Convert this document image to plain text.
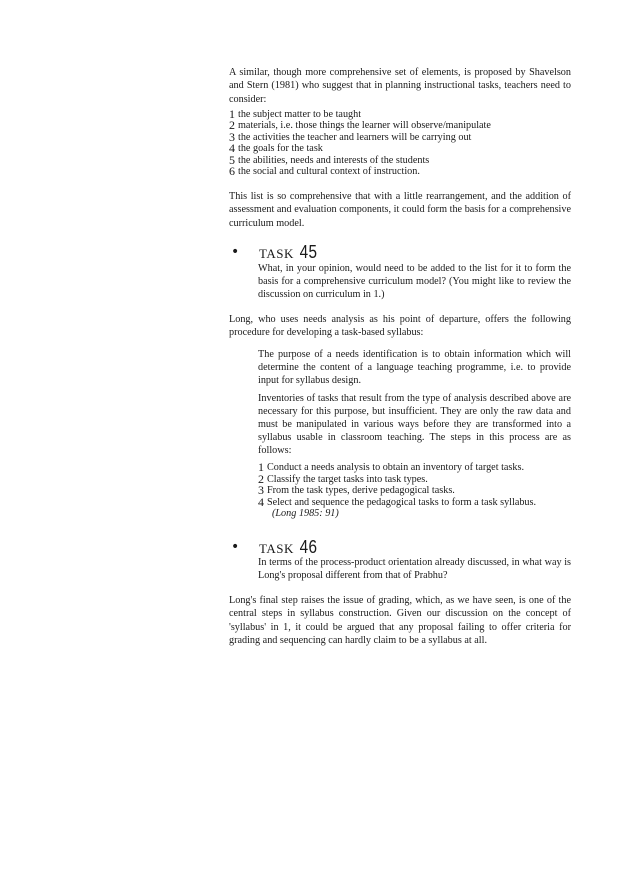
A similar, though more comprehensive set of elements, is proposed by Shavelson and Stern (1981) who suggest that in planning instructional tasks, teachers need to consider:
1 the subject matter to be taught
2 materials, i.e. those things the learner will observe/manipulate
3 the activities the teacher and learners will be carrying out
4 the goals for the task
5 the abilities, needs and interests of the students
6 the social and cultural context of instruction.
This list is so comprehensive that with a little rearrangement, and the addition of assessment and evaluation components, it could form the basis for a comprehensive curriculum model.
• TASK 45
What, in your opinion, would need to be added to the list for it to form the basis for a comprehensive curriculum model? (You might like to review the discussion on curriculum in 1.)
Long, who uses needs analysis as his point of departure, offers the following procedure for developing a task-based syllabus:
The purpose of a needs identification is to obtain information which will determine the content of a language teaching programme, i.e. to provide input for syllabus design.
Inventories of tasks that result from the type of analysis described above are necessary for this purpose, but insufficient. They are only the raw data and must be manipulated in various ways before they are transformed into a syllabus usable in classroom teaching. The steps in this process are as follows:
1 Conduct a needs analysis to obtain an inventory of target tasks.
2 Classify the target tasks into task types.
3 From the task types, derive pedagogical tasks.
4 Select and sequence the pedagogical tasks to form a task syllabus.
(Long 1985: 91)
• TASK 46
In terms of the process-product orientation already discussed, in what way is Long's proposal different from that of Prabhu?
Long's final step raises the issue of grading, which, as we have seen, is one of the central steps in syllabus construction. Given our discussion on the concept of 'syllabus' in 1, it could be argued that any proposal failing to offer criteria for grading and sequencing can hardly claim to be a syllabus at all.
